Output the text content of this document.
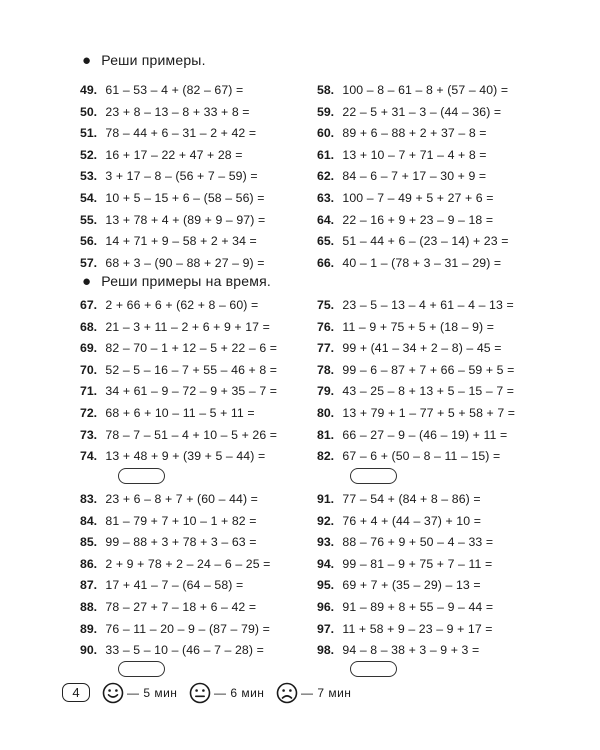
● Реши примеры.
49. 61 – 53 – 4 + (82 – 67) =
50. 23 + 8 – 13 – 8 + 33 + 8 =
51. 78 – 44 + 6 – 31 – 2 + 42 =
52. 16 + 17 – 22 + 47 + 28 =
53. 3 + 17 – 8 – (56 + 7 – 59) =
54. 10 + 5 – 15 + 6 – (58 – 56) =
55. 13 + 78 + 4 + (89 + 9 – 97) =
56. 14 + 71 + 9 – 58 + 2 + 34 =
57. 68 + 3 – (90 – 88 + 27 – 9) =
58. 100 – 8 – 61 – 8 + (57 – 40) =
59. 22 – 5 + 31 – 3 – (44 – 36) =
60. 89 + 6 – 88 + 2 + 37 – 8 =
61. 13 + 10 – 7 + 71 – 4 + 8 =
62. 84 – 6 – 7 + 17 – 30 + 9 =
63. 100 – 7 – 49 + 5 + 27 + 6 =
64. 22 – 16 + 9 + 23 – 9 – 18 =
65. 51 – 44 + 6 – (23 – 14) + 23 =
66. 40 – 1 – (78 + 3 – 31 – 29) =
● Реши примеры на время.
67. 2 + 66 + 6 + (62 + 8 – 60) =
68. 21 – 3 + 11 – 2 + 6 + 9 + 17 =
69. 82 – 70 – 1 + 12 – 5 + 22 – 6 =
70. 52 – 5 – 16 – 7 + 55 – 46 + 8 =
71. 34 + 61 – 9 – 72 – 9 + 35 – 7 =
72. 68 + 6 + 10 – 11 – 5 + 11 =
73. 78 – 7 – 51 – 4 + 10 – 5 + 26 =
74. 13 + 48 + 9 + (39 + 5 – 44) =
75. 23 – 5 – 13 – 4 + 61 – 4 – 13 =
76. 11 – 9 + 75 + 5 + (18 – 9) =
77. 99 + (41 – 34 + 2 – 8) – 45 =
78. 99 – 6 – 87 + 7 + 66 – 59 + 5 =
79. 43 – 25 – 8 + 13 + 5 – 15 – 7 =
80. 13 + 79 + 1 – 77 + 5 + 58 + 7 =
81. 66 – 27 – 9 – (46 – 19) + 11 =
82. 67 – 6 + (50 – 8 – 11 – 15) =
83. 23 + 6 – 8 + 7 + (60 – 44) =
84. 81 – 79 + 7 + 10 – 1 + 82 =
85. 99 – 88 + 3 + 78 + 3 – 63 =
86. 2 + 9 + 78 + 2 – 24 – 6 – 25 =
87. 17 + 41 – 7 – (64 – 58) =
88. 78 – 27 + 7 – 18 + 6 – 42 =
89. 76 – 11 – 20 – 9 – (87 – 79) =
90. 33 – 5 – 10 – (46 – 7 – 28) =
91. 77 – 54 + (84 + 8 – 86) =
92. 76 + 4 + (44 – 37) + 10 =
93. 88 – 76 + 9 + 50 – 4 – 33 =
94. 99 – 81 – 9 + 75 + 7 – 11 =
95. 69 + 7 + (35 – 29) – 13 =
96. 91 – 89 + 8 + 55 – 9 – 44 =
97. 11 + 58 + 9 – 23 – 9 + 17 =
98. 94 – 8 – 38 + 3 – 9 + 3 =
4	— 5 мин	— 6 мин	— 7 мин
